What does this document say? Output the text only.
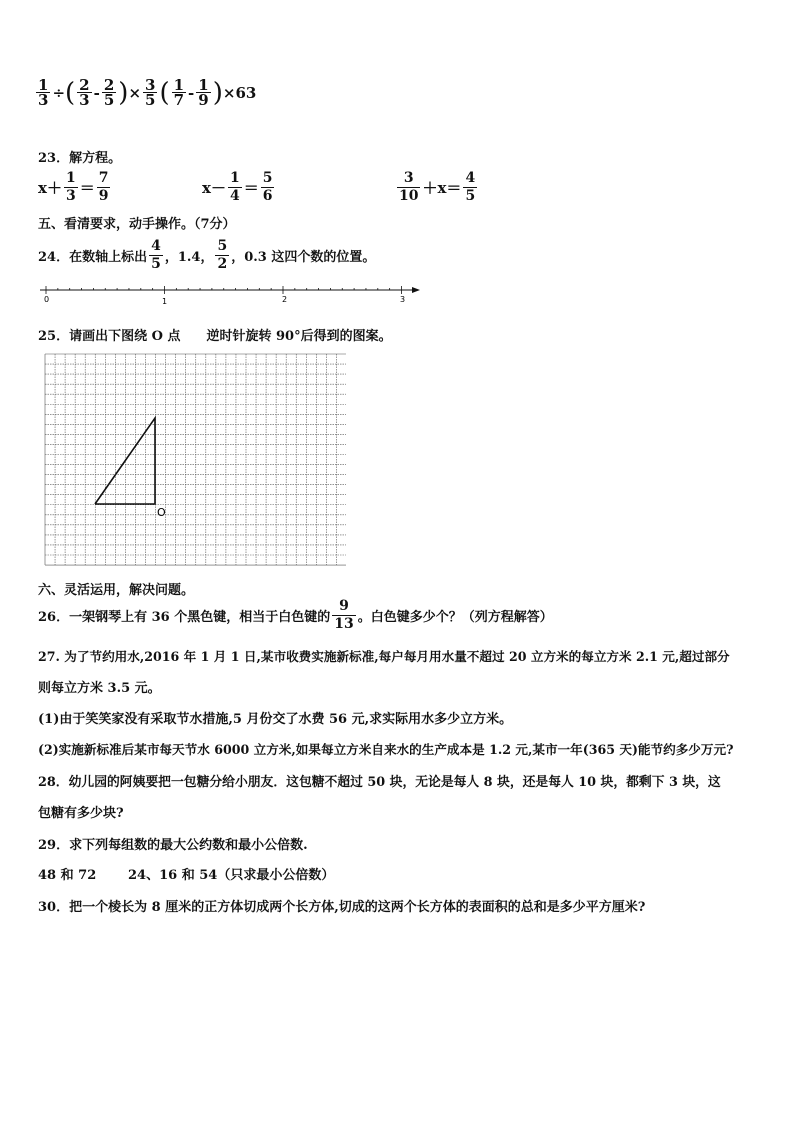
$\frac{1}{3}$ ÷ ( $\frac{2}{3} - \frac{2}{5}$ ) × $\frac{3}{5}$ ( $\frac{1}{7} - \frac{1}{9}$ ) ×63
23．解方程。
$x+ \frac{1}{3} = \frac{7}{9}$	$x- \frac{1}{4} = \frac{5}{6}$	$\frac{3}{10} +x= \frac{4}{5}$
五、看清要求，动手操作。（7分）
24．在数轴上标出 $\frac{4}{5}$ ，1.4， $\frac{5}{2}$ ，0.3 这四个数的位置。
0	1	2	3
25．请画出下图绕 O 点　　逆时针旋转 90°后得到的图案。
O
六、灵活运用，解决问题。
26．一架钢琴上有 36 个黑色键，相当于白色键的 $\frac{9}{13}$ 。白色键多少个？（列方程解答）
27. 为了节约用水,2016 年 1 月 1 日,某市收费实施新标准,每户每月用水量不超过 20 立方米的每立方米 2.1 元,超过部分
则每立方米 3.5 元。
(1)由于笑笑家没有采取节水措施,5 月份交了水费 56 元,求实际用水多少立方米。
(2)实施新标准后某市每天节水 6000 立方米,如果每立方米自来水的生产成本是 1.2 元,某市一年(365 天)能节约多少万元?
28．幼儿园的阿姨要把一包糖分给小朋友．这包糖不超过 50 块，无论是每人 8 块，还是每人 10 块，都剩下 3 块，这
包糖有多少块?
29．求下列每组数的最大公约数和最小公倍数.
48 和 72 24、16 和 54（只求最小公倍数）
30．把一个棱长为 8 厘米的正方体切成两个长方体,切成的这两个长方体的表面积的总和是多少平方厘米?
